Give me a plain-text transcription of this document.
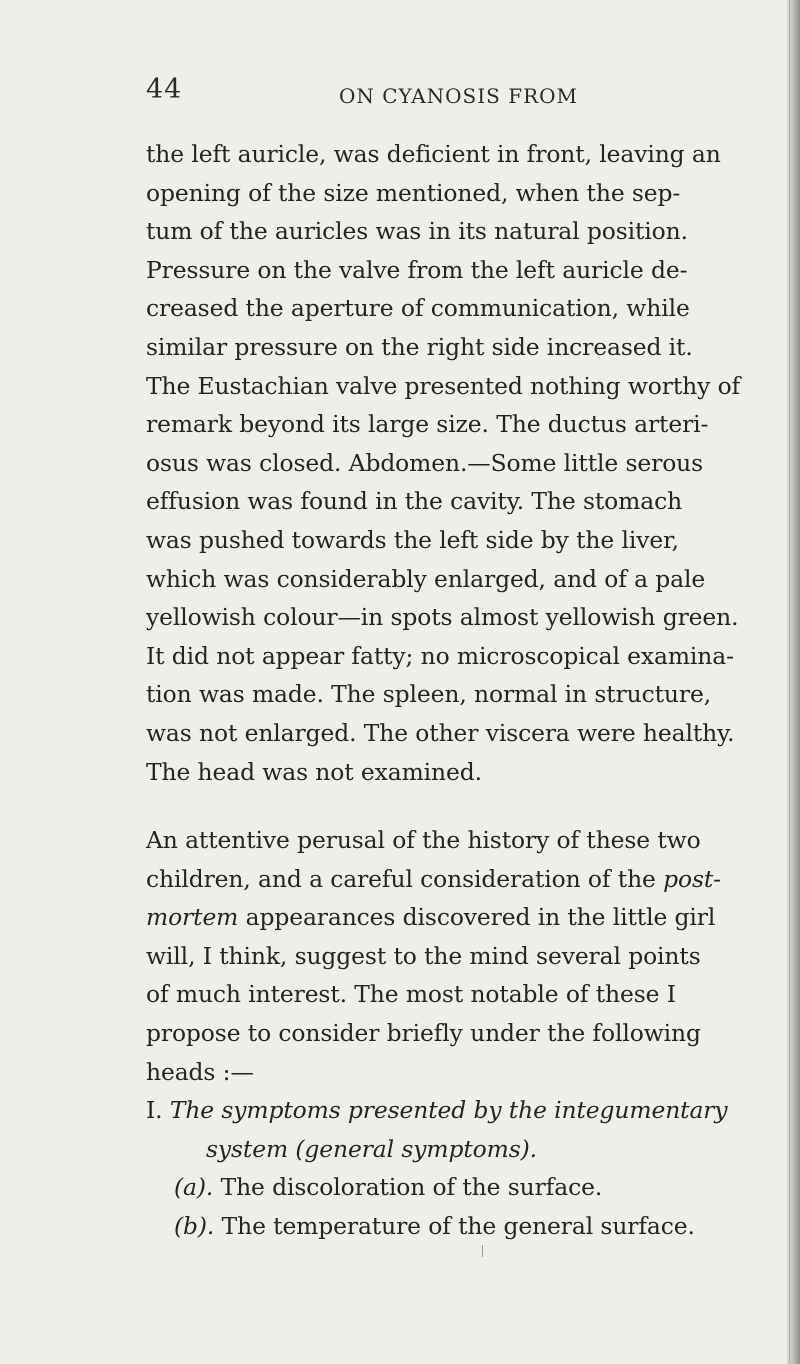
44	ON CYANOSIS FROM
the left auricle, was deficient in front, leaving an
opening of the size mentioned, when the sep-
tum of the auricles was in its natural position.
Pressure on the valve from the left auricle de-
creased the aperture of communication, while
similar pressure on the right side increased it.
The Eustachian valve presented nothing worthy of
remark beyond its large size. The ductus arteri-
osus was closed. Abdomen.—Some little serous
effusion was found in the cavity. The stomach
was pushed towards the left side by the liver,
which was considerably enlarged, and of a pale
yellowish colour—in spots almost yellowish green.
It did not appear fatty; no microscopical examina-
tion was made. The spleen, normal in structure,
was not enlarged. The other viscera were healthy.
The head was not examined.
An attentive perusal of the history of these two
children, and a careful consideration of the post-
mortem appearances discovered in the little girl
will, I think, suggest to the mind several points
of much interest. The most notable of these I
propose to consider briefly under the following
heads :—
I. The symptoms presented by the integumentary
system (general symptoms).
(a). The discoloration of the surface.
(b). The temperature of the general surface.
